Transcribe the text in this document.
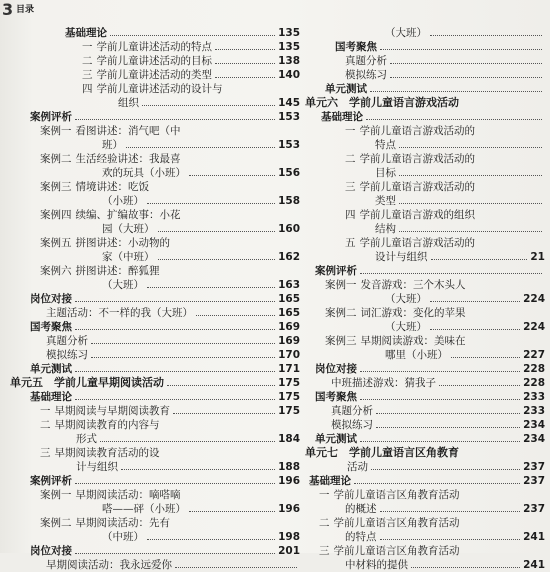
3 目录
基础理论	135
一 学前儿童讲述活动的特点	135
二 学前儿童讲述活动的目标	138
三 学前儿童讲述活动的类型	140
四 学前儿童讲述活动的设计与
组织	145
案例评析	153
案例一 看图讲述：消气吧（中
班）	153
案例二 生活经验讲述：我最喜
欢的玩具（小班）	156
案例三 情境讲述：吃饭
（小班）	158
案例四 续编、扩编故事：小花
园（大班）	160
案例五 拼图讲述：小动物的
家（中班）	162
案例六 拼图讲述：醉狐狸
（大班）	163
岗位对接	165
主题活动：不一样的我（大班）	165
国考聚焦	169
真题分析	169
模拟练习	170
单元测试	171
单元五　学前儿童早期阅读活动	175
基础理论	175
一 早期阅读与早期阅读教育	175
二 早期阅读教育的内容与
形式	184
三 早期阅读教育活动的设
计与组织	188
案例评析	196
案例一 早期阅读活动：嘀嗒嘀
嗒——砰（小班）	196
案例二 早期阅读活动：先有
（中班）	198
岗位对接	201
早期阅读活动：我永远爱你
（大班）
国考聚焦
真题分析
模拟练习
单元测试
单元六　学前儿童语言游戏活动
基础理论
一 学前儿童语言游戏活动的
特点
二 学前儿童语言游戏活动的
目标
三 学前儿童语言游戏活动的
类型
四 学前儿童语言游戏的组织
结构
五 学前儿童语言游戏活动的
设计与组织	21
案例评析
案例一 发音游戏：三个木头人
（大班）	224
案例二 词汇游戏：变化的苹果
（大班）	224
案例三 早期阅读游戏：美味在
哪里（小班）	227
岗位对接	228
中班描述游戏：猜我子	228
国考聚焦	233
真题分析	233
模拟练习	234
单元测试	234
单元七　学前儿童语言区角教育
活动	237
基础理论	237
一 学前儿童语言区角教育活动
的概述	237
二 学前儿童语言区角教育活动
的特点	241
三 学前儿童语言区角教育活动
中材料的提供	241
